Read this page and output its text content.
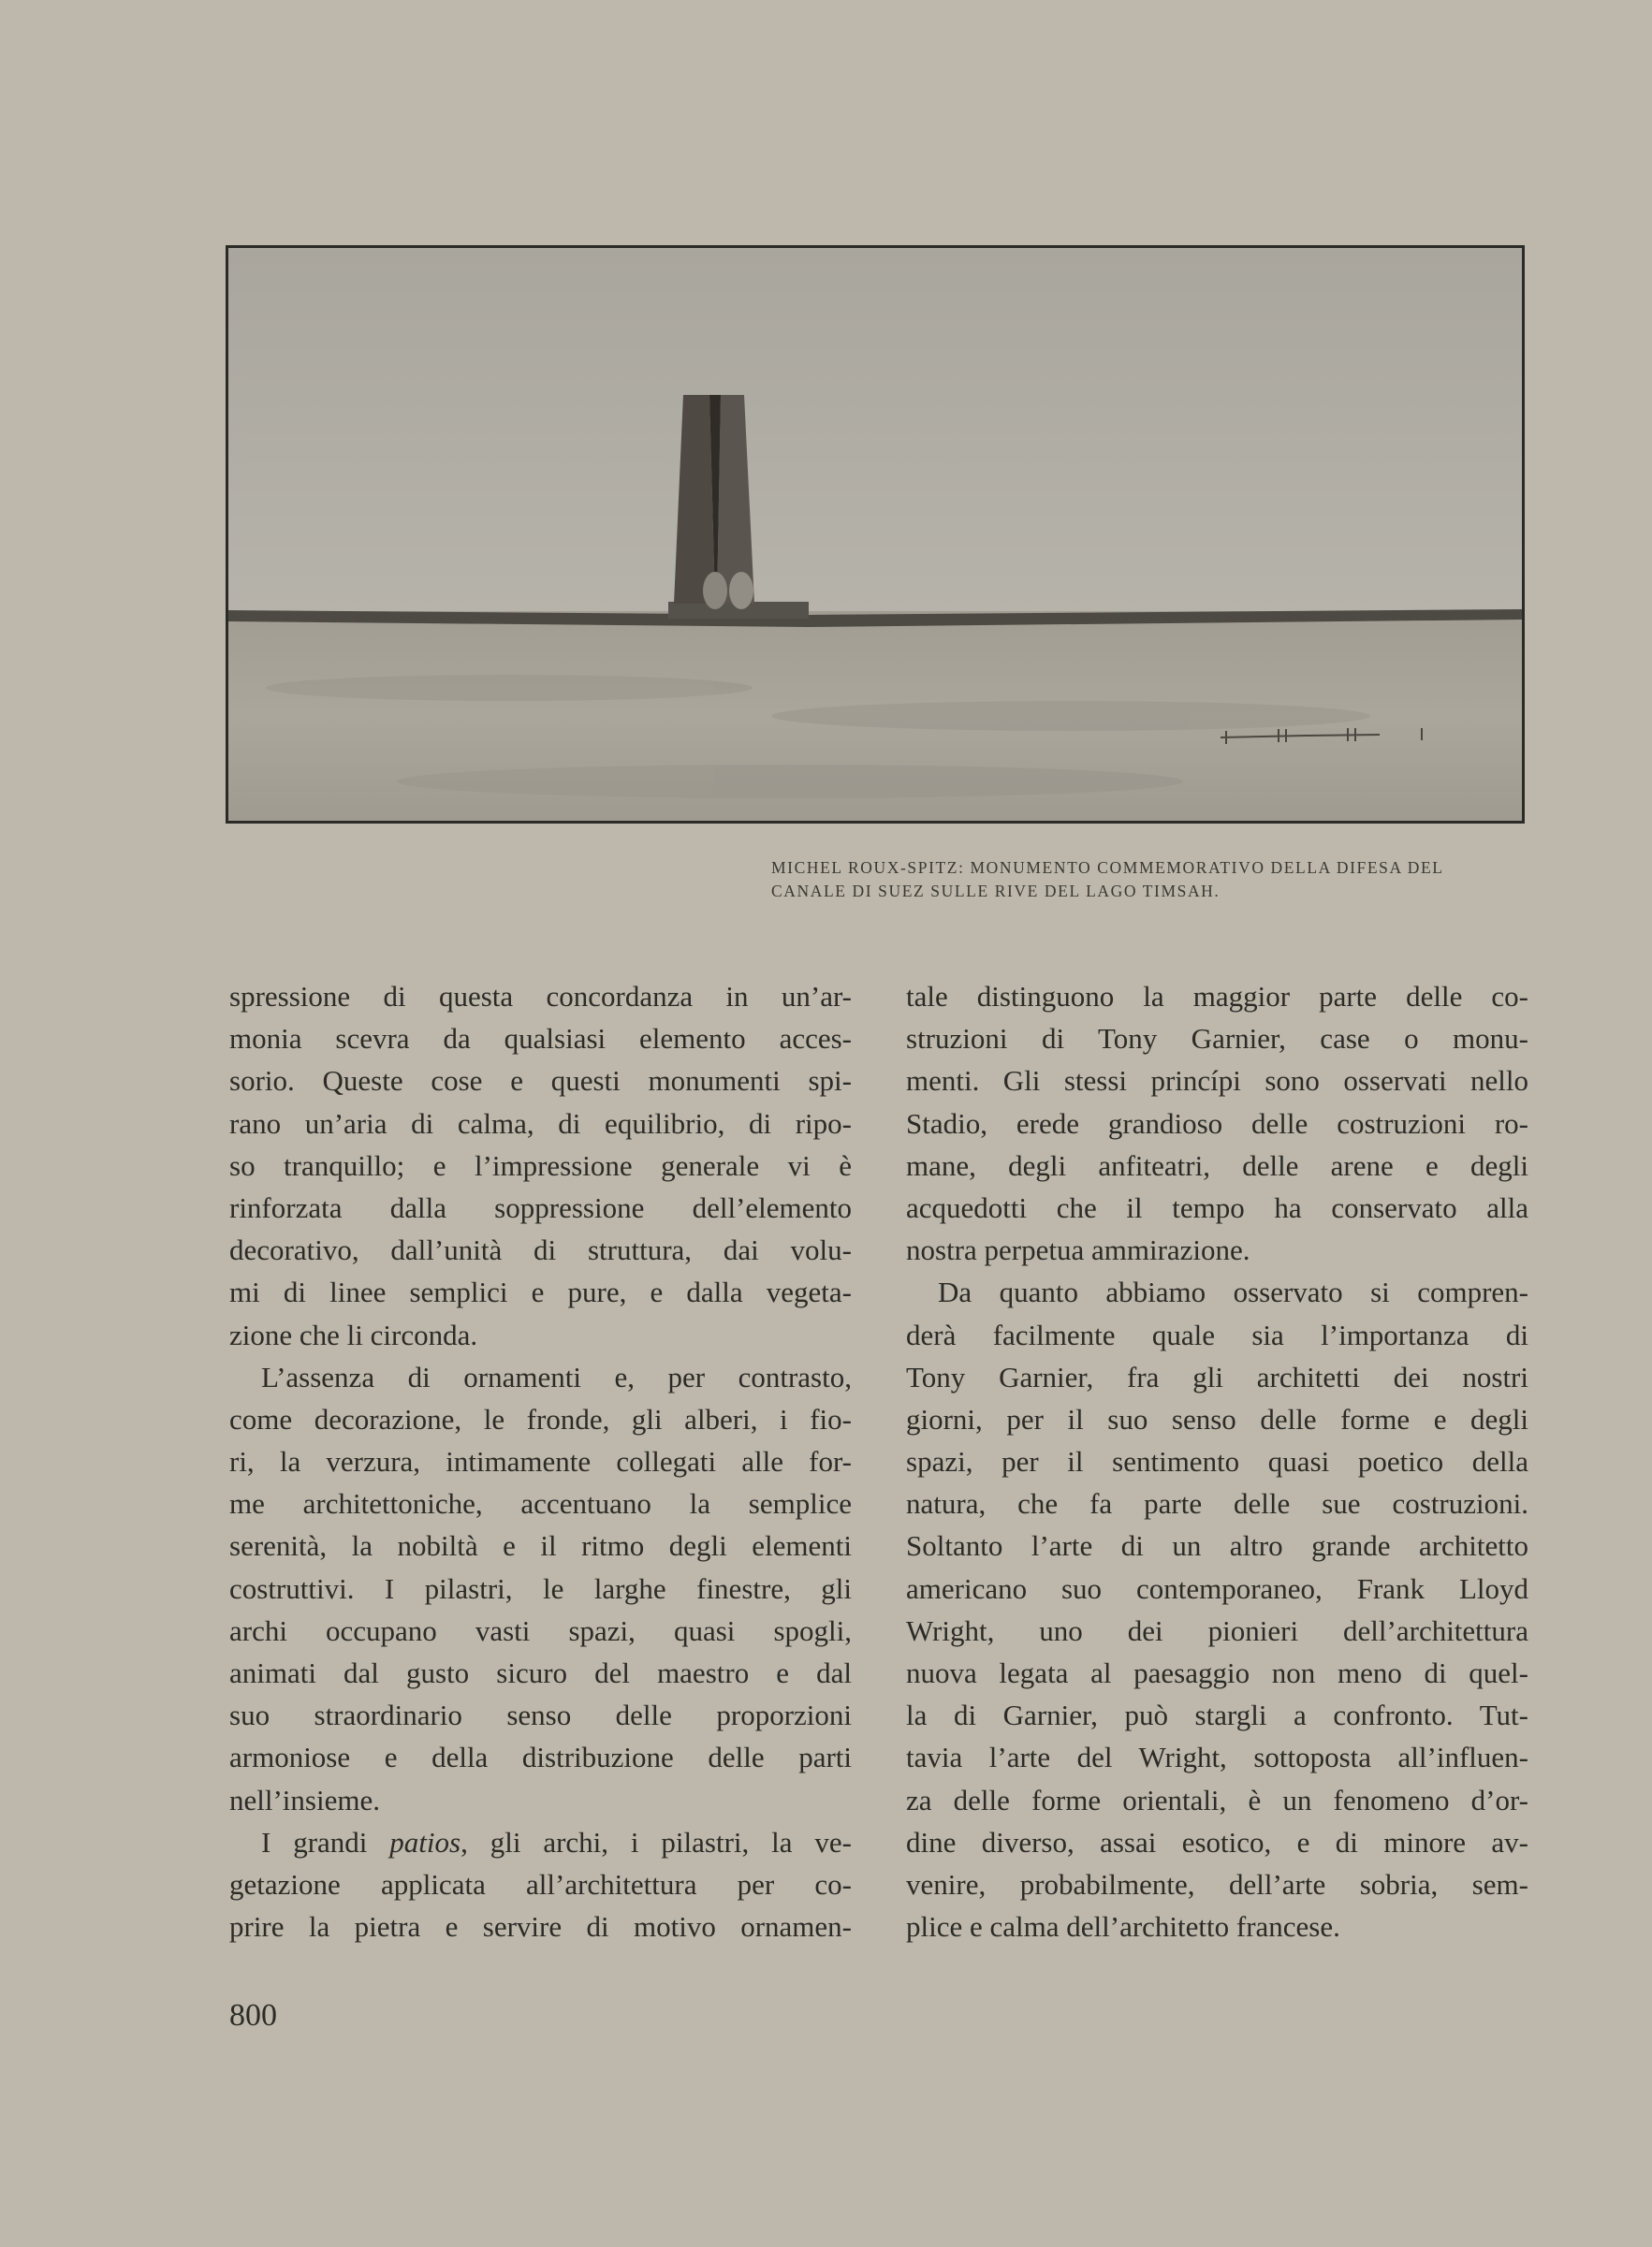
MICHEL ROUX-SPITZ: MONUMENTO COMMEMORATIVO DELLA DIFESA DEL
CANALE DI SUEZ SULLE RIVE DEL LAGO TIMSAH.
spressione di questa concordanza in un’ar-
monia scevra da qualsiasi elemento acces-
sorio. Queste cose e questi monumenti spi-
rano un’aria di calma, di equilibrio, di ripo-
so tranquillo; e l’impressione generale vi è
rinforzata dalla soppressione dell’elemento
decorativo, dall’unità di struttura, dai volu-
mi di linee semplici e pure, e dalla vegeta-
zione che li circonda.
L’assenza di ornamenti e, per contrasto,
come decorazione, le fronde, gli alberi, i fio-
ri, la verzura, intimamente collegati alle for-
me architettoniche, accentuano la semplice
serenità, la nobiltà e il ritmo degli elementi
costruttivi. I pilastri, le larghe finestre, gli
archi occupano vasti spazi, quasi spogli,
animati dal gusto sicuro del maestro e dal
suo straordinario senso delle proporzioni
armoniose e della distribuzione delle parti
nell’insieme.
I grandi patios, gli archi, i pilastri, la ve-
getazione applicata all’architettura per co-
prire la pietra e servire di motivo ornamen-
tale distinguono la maggior parte delle co-
struzioni di Tony Garnier, case o monu-
menti. Gli stessi princípi sono osservati nello
Stadio, erede grandioso delle costruzioni ro-
mane, degli anfiteatri, delle arene e degli
acquedotti che il tempo ha conservato alla
nostra perpetua ammirazione.
Da quanto abbiamo osservato si compren-
derà facilmente quale sia l’importanza di
Tony Garnier, fra gli architetti dei nostri
giorni, per il suo senso delle forme e degli
spazi, per il sentimento quasi poetico della
natura, che fa parte delle sue costruzioni.
Soltanto l’arte di un altro grande architetto
americano suo contemporaneo, Frank Lloyd
Wright, uno dei pionieri dell’architettura
nuova legata al paesaggio non meno di quel-
la di Garnier, può stargli a confronto. Tut-
tavia l’arte del Wright, sottoposta all’influen-
za delle forme orientali, è un fenomeno d’or-
dine diverso, assai esotico, e di minore av-
venire, probabilmente, dell’arte sobria, sem-
plice e calma dell’architetto francese.
800
